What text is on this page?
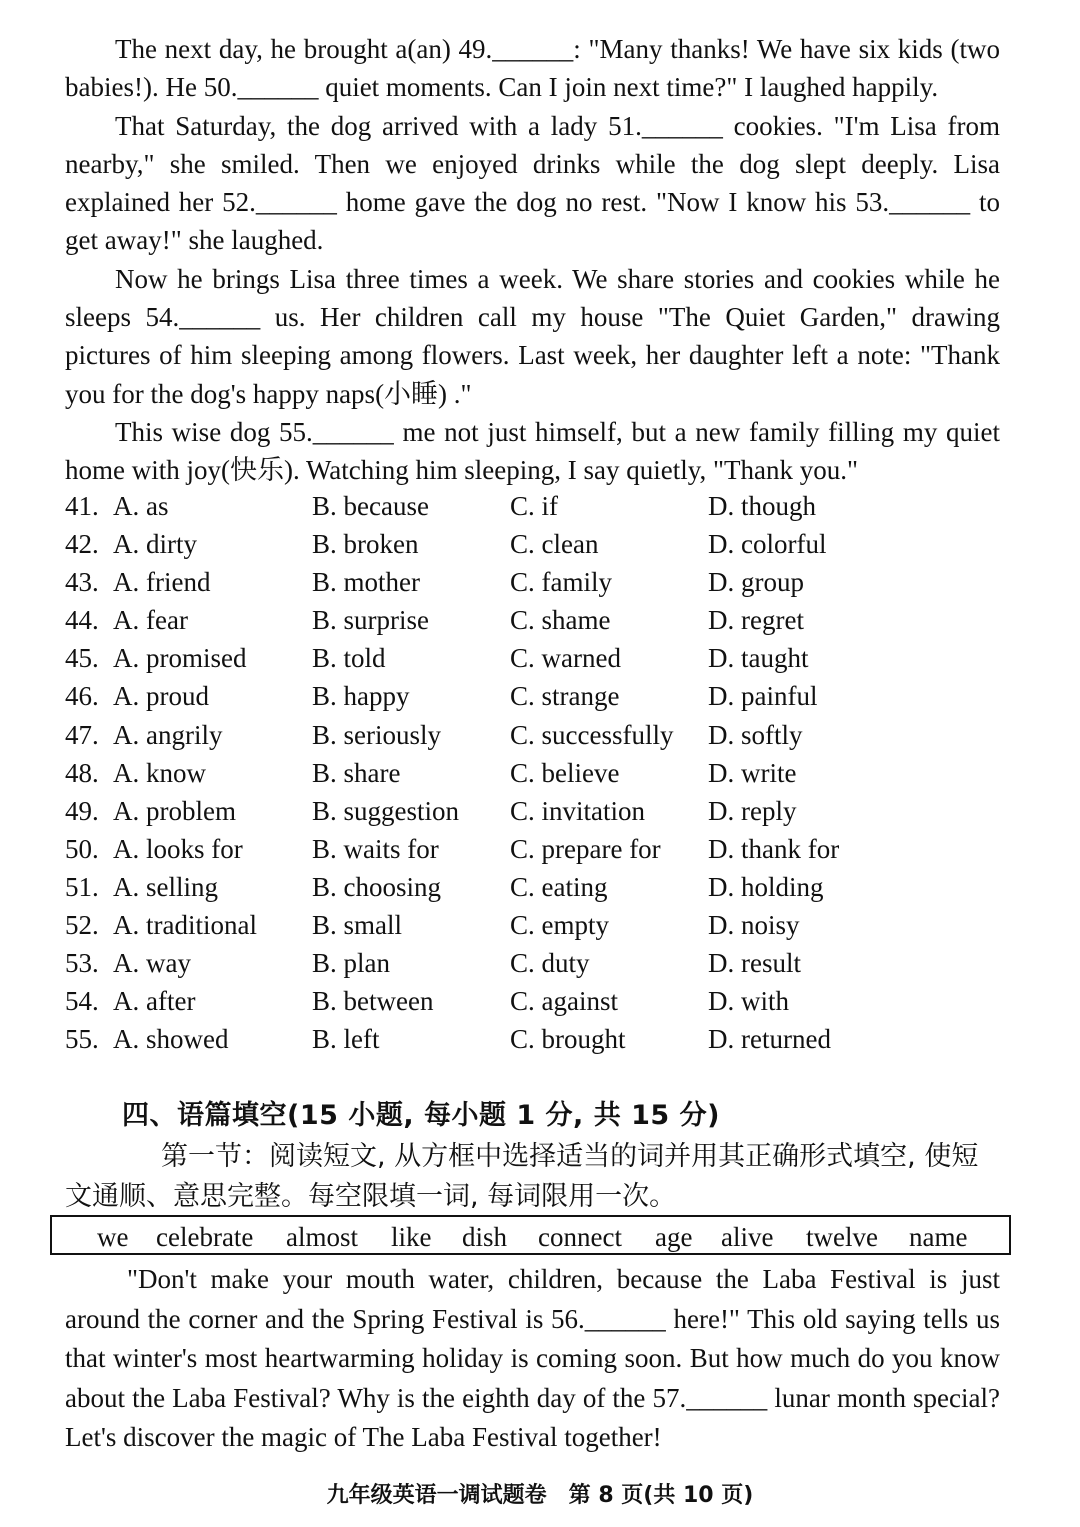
The next day, he brought a(an) 49.______: "Many thanks! We have six kids (two babies!). He 50.______ quiet moments. Can I join next time?" I laughed happily.

That Saturday, the dog arrived with a lady 51.______ cookies. "I'm Lisa from nearby," she smiled. Then we enjoyed drinks while the dog slept deeply. Lisa explained her 52.______ home gave the dog no rest. "Now I know his 53.______ to get away!" she laughed.

Now he brings Lisa three times a week. We share stories and cookies while he sleeps 54.______ us. Her children call my house "The Quiet Garden," drawing pictures of him sleeping among flowers. Last week, her daughter left a note: "Thank you for the dog's happy naps(小睡) ."

This wise dog 55.______ me not just himself, but a new family filling my quiet home with joy(快乐). Watching him sleeping, I say quietly, "Thank you."

41. A. as	B. because	C. if	D. though
42. A. dirty	B. broken	C. clean	D. colorful
43. A. friend	B. mother	C. family	D. group
44. A. fear	B. surprise	C. shame	D. regret
45. A. promised B. told	C. warned	D. taught
46. A. proud	B. happy	C. strange	D. painful
47. A. angrily	B. seriously	C. successfully D. softly
48. A. know	B. share	C. believe	D. write
49. A. problem	B. suggestion C. invitation D. reply
50. A. looks for	B. waits for	C. prepare for D. thank for
51. A. selling	B. choosing	C. eating	D. holding
52. A. traditional B. small	C. empty	D. noisy
53. A. way	B. plan	C. duty	D. result
54. A. after	B. between	C. against	D. with
55. A. showed	B. left	C. brought	D. returned
四、语篇填空(15 小题, 每小题 1 分, 共 15 分)

第一节：阅读短文, 从方框中选择适当的词并用其正确形式填空, 使短文通顺、意思完整。每空限填一词, 每词限用一次。

we celebrate almost like dish connect age alive twelve name

"Don't make your mouth water, children, because the Laba Festival is just around the corner and the Spring Festival is 56.______ here!" This old saying tells us that winter's most heartwarming holiday is coming soon. But how much do you know about the Laba Festival? Why is the eighth day of the 57.______ lunar month special? Let's discover the magic of The Laba Festival together!

九年级英语一调试题卷　第 8 页(共 10 页)
